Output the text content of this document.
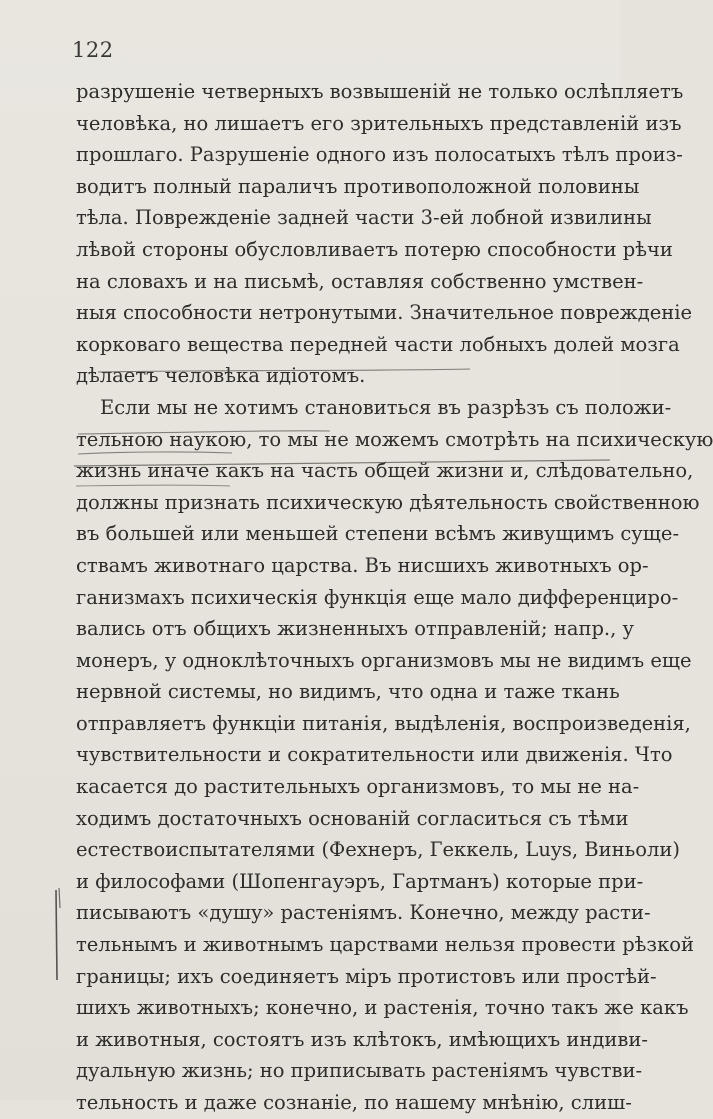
122
разрушеніе четверныхъ возвышеній не только ослѣпляетъ
человѣка, но лишаетъ его зрительныхъ представленій изъ
прошлаго. Разрушеніе одного изъ полосатыхъ тѣлъ произ-
водитъ полный параличъ противоположной половины
тѣла. Поврежденіе задней части 3-ей лобной извилины
лѣвой стороны обусловливаетъ потерю способности рѣчи
на словахъ и на письмѣ, оставляя собственно умствен-
ныя способности нетронутыми. Значительное поврежденіе
корковаго вещества передней части лобныхъ долей мозга
дѣлаетъ человѣка идіотомъ.
Если мы не хотимъ становиться въ разрѣзъ съ положи-
тельною наукою, то мы не можемъ смотрѣть на психическую
жизнь иначе какъ на часть общей жизни и, слѣдовательно,
должны признать психическую дѣятельность свойственною
въ большей или меньшей степени всѣмъ живущимъ суще-
ствамъ животнаго царства. Въ нисшихъ животныхъ ор-
ганизмахъ психическія функція еще мало дифференциро-
вались отъ общихъ жизненныхъ отправленій; напр., у
монеръ, у одноклѣточныхъ организмовъ мы не видимъ еще
нервной системы, но видимъ, что одна и таже ткань
отправляетъ функціи питанія, выдѣленія, воспроизведенія,
чувствительности и сократительности или движенія. Что
касается до растительныхъ организмовъ, то мы не на-
ходимъ достаточныхъ основаній согласиться съ тѣми
естествоиспытателями (Фехнеръ, Геккель, Luys, Виньоли)
и философами (Шопенгауэръ, Гартманъ) которые при-
писываютъ «душу» растеніямъ. Конечно, между расти-
тельнымъ и животнымъ царствами нельзя провести рѣзкой
границы; ихъ соединяетъ міръ протистовъ или простѣй-
шихъ животныхъ; конечно, и растенія, точно такъ же какъ
и животныя, состоятъ изъ клѣтокъ, имѣющихъ индиви-
дуальную жизнь; но приписывать растеніямъ чувстви-
тельность и даже сознаніе, по нашему мнѣнію, слиш-
